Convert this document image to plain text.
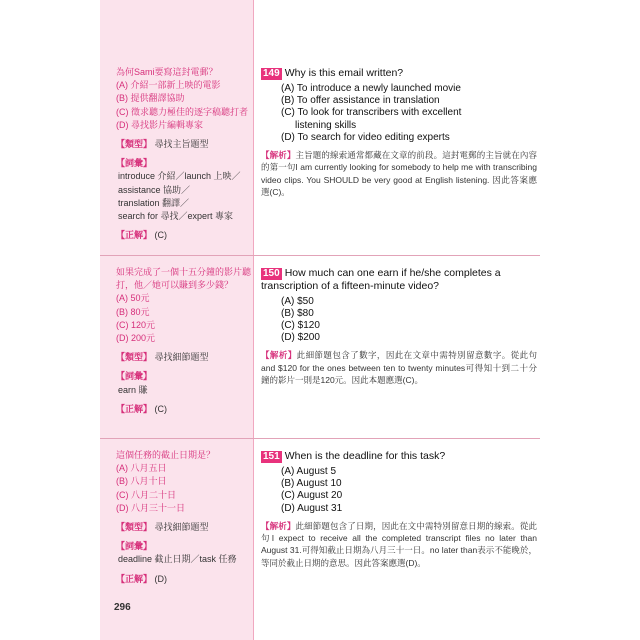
為何Sami要寫這封電郵？
(A) 介紹一部新上映的電影
(B) 提供翻譯協助
(C) 徵求聽力極佳的逐字稿聽打者
(D) 尋找影片編輯專家
【類型】 尋找主旨題型
【詞彙】
introduce 介紹／launch 上映／
assistance 協助／
translation 翻譯／
search for 尋找／expert 專家
【正解】 (C)
149 Why is this email written?
(A) To introduce a newly launched movie
(B) To offer assistance in translation
(C) To look for transcribers with excellent
listening skills
(D) To search for video editing experts
【解析】主旨題的線索通常都藏在文章的前段。這封電郵的主旨就在內容的第一句I am currently looking for somebody to help me with transcribing video clips. You SHOULD be very good at English listening. 因此答案應選(C)。
如果完成了一個十五分鐘的影片聽打，他／她可以賺到多少錢？
(A) 50元
(B) 80元
(C) 120元
(D) 200元
【類型】 尋找細節題型
【詞彙】
earn 賺
【正解】 (C)
150 How much can one earn if he/she completes a transcription of a fifteen-minute video?
(A) $50
(B) $80
(C) $120
(D) $200
【解析】此細節題包含了數字，因此在文章中需特別留意數字。從此句and $120 for the ones between ten to twenty minutes可得知十到二十分鐘的影片一則是120元。因此本題應選(C)。
這個任務的截止日期是？
(A) 八月五日
(B) 八月十日
(C) 八月二十日
(D) 八月三十一日
【類型】 尋找細節題型
【詞彙】
deadline 截止日期／task 任務
【正解】 (D)
151 When is the deadline for this task?
(A) August 5
(B) August 10
(C) August 20
(D) August 31
【解析】此細節題包含了日期，因此在文中需特別留意日期的線索。從此句I expect to receive all the completed transcript files no later than August 31.可得知截止日期為八月三十一日。no later than表示不能晚於，等同於截止日期的意思。因此答案應選(D)。
296
